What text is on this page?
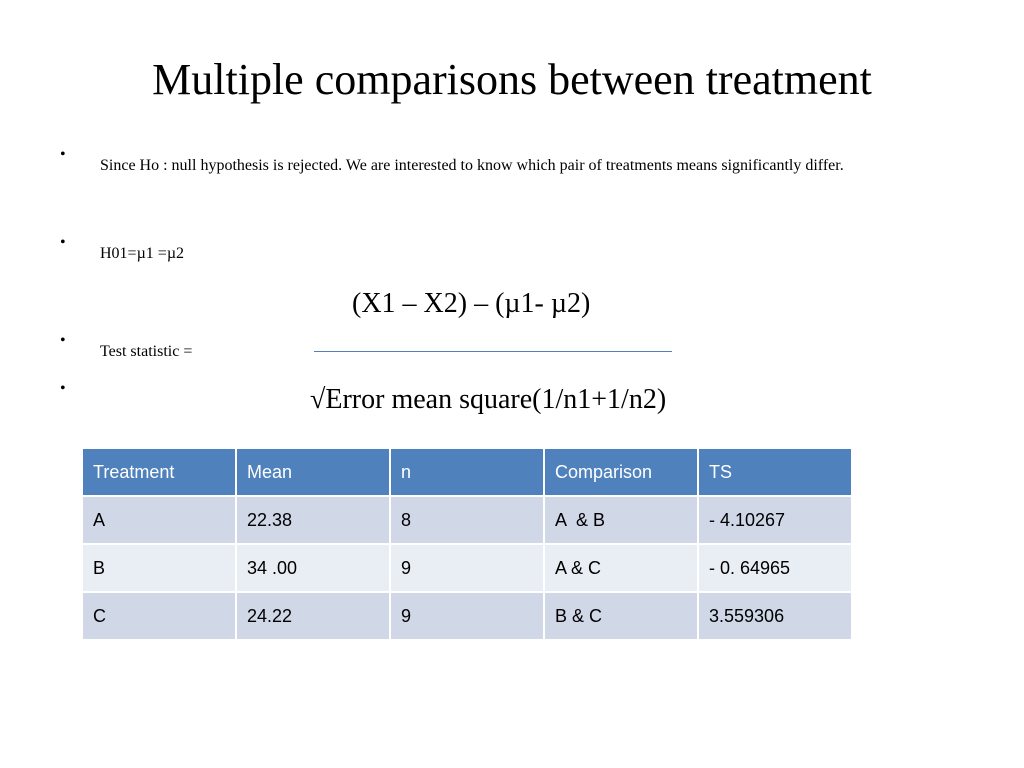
Multiple comparisons between treatment
•
Since Ho : null hypothesis is rejected. We are interested to know which pair of treatments means significantly differ.
•
H01=µ1 =µ2
•
Test statistic =
•
(X1 – X2) – (µ1- µ2)
√Error mean square(1/n1+1/n2)
Treatment	Mean	n	Comparison	TS
A	22.38	8	A  & B	- 4.10267
B	34 .00	9	A & C	- 0. 64965
C	24.22	9	B & C	3.559306
